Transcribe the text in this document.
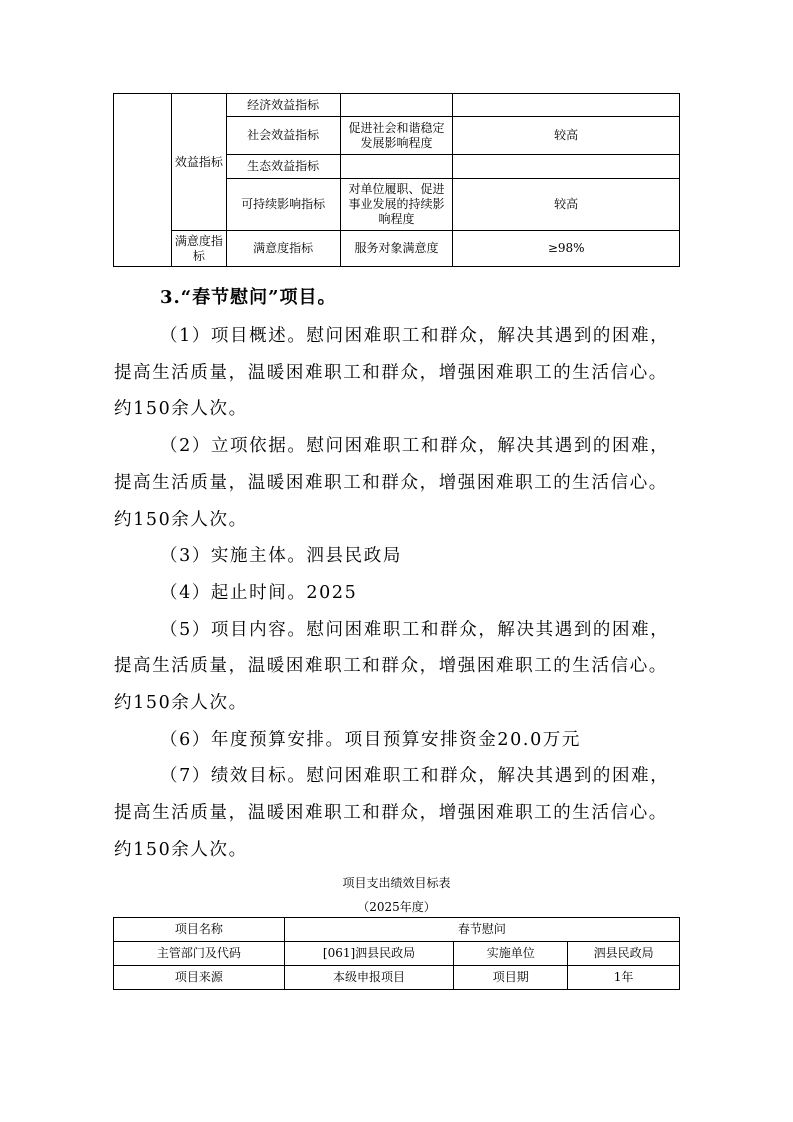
	效益指标	经济效益指标		
		社会效益指标	促进社会和谐稳定发展影响程度	较高
		生态效益指标		
		可持续影响指标	对单位履职、促进事业发展的持续影响程度	较高
	满意度指标	满意度指标	服务对象满意度	≥98%
3.“春节慰问”项目。

（1）项目概述。慰问困难职工和群众，解决其遇到的困难，提高生活质量，温暖困难职工和群众，增强困难职工的生活信心。约150余人次。

（2）立项依据。慰问困难职工和群众，解决其遇到的困难，提高生活质量，温暖困难职工和群众，增强困难职工的生活信心。约150余人次。

（3）实施主体。泗县民政局

（4）起止时间。2025

（5）项目内容。慰问困难职工和群众，解决其遇到的困难，提高生活质量，温暖困难职工和群众，增强困难职工的生活信心。约150余人次。

（6）年度预算安排。项目预算安排资金20.0万元

（7）绩效目标。慰问困难职工和群众，解决其遇到的困难，提高生活质量，温暖困难职工和群众，增强困难职工的生活信心。约150余人次。

项目支出绩效目标表
（2025年度）
项目名称	春节慰问		
主管部门及代码	[061]泗县民政局	实施单位	泗县民政局
项目来源	本级申报项目	项目期	1年
